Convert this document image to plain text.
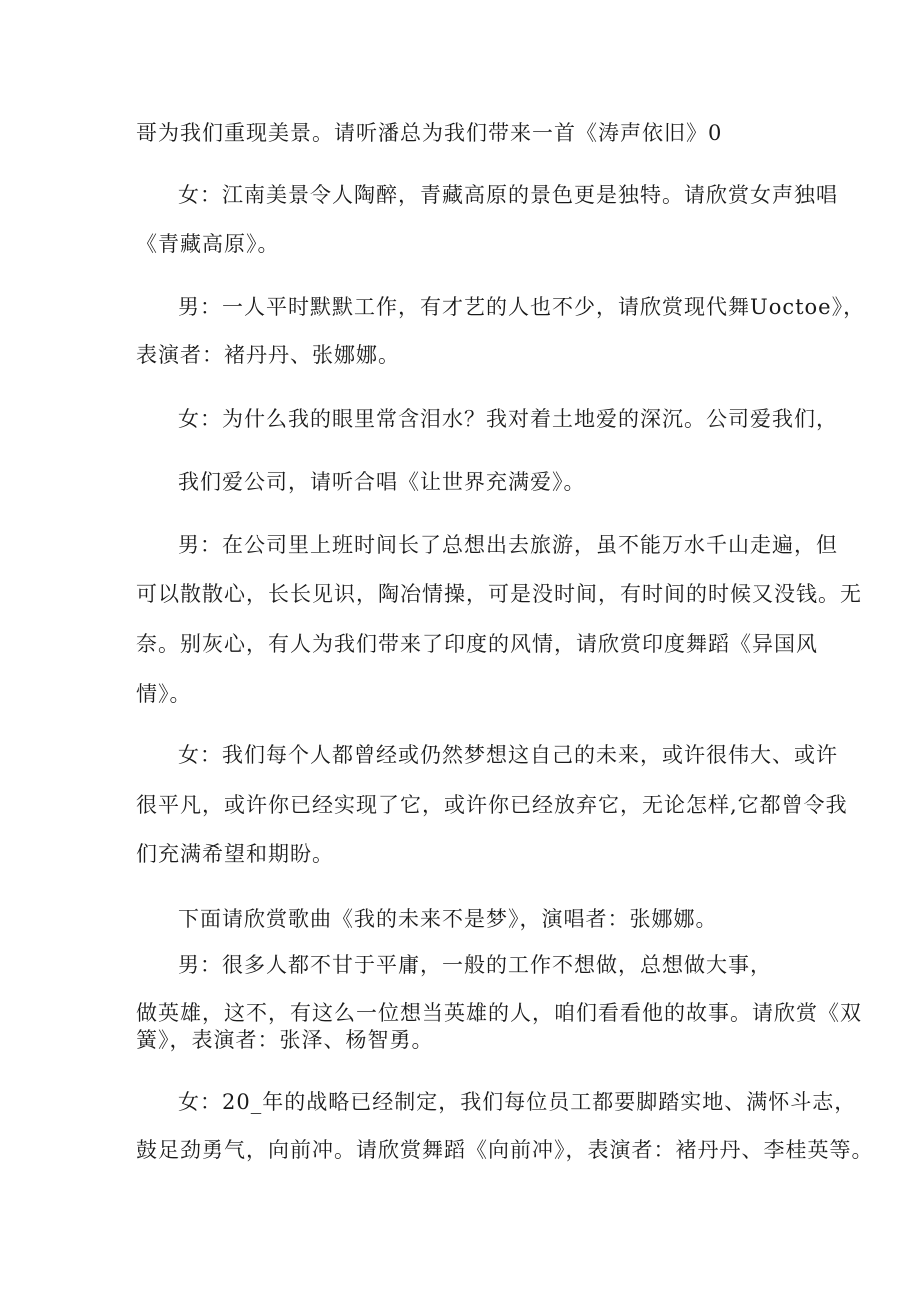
哥为我们重现美景。请听潘总为我们带来一首《涛声依旧》0
女：江南美景令人陶醉，青藏高原的景色更是独特。请欣赏女声独唱
《青藏高原》。
男：一人平时默默工作，有才艺的人也不少，请欣赏现代舞Uoctoe》，
表演者：褚丹丹、张娜娜。
女：为什么我的眼里常含泪水？我对着土地爱的深沉。公司爱我们，
我们爱公司，请听合唱《让世界充满爱》。
男：在公司里上班时间长了总想出去旅游，虽不能万水千山走遍，但
可以散散心，长长见识，陶冶情操，可是没时间，有时间的时候又没钱。无
奈。别灰心，有人为我们带来了印度的风情，请欣赏印度舞蹈《异国风
情》。
女：我们每个人都曾经或仍然梦想这自己的未来，或许很伟大、或许
很平凡，或许你已经实现了它，或许你已经放弃它，无论怎样,它都曾令我
们充满希望和期盼。
下面请欣赏歌曲《我的未来不是梦》，演唱者：张娜娜。
男：很多人都不甘于平庸，一般的工作不想做，总想做大事，
做英雄，这不，有这么一位想当英雄的人，咱们看看他的故事。请欣赏《双
簧》，表演者：张泽、杨智勇。
女：20_年的战略已经制定，我们每位员工都要脚踏实地、满怀斗志，
鼓足劲勇气，向前冲。请欣赏舞蹈《向前冲》，表演者：褚丹丹、李桂英等。
